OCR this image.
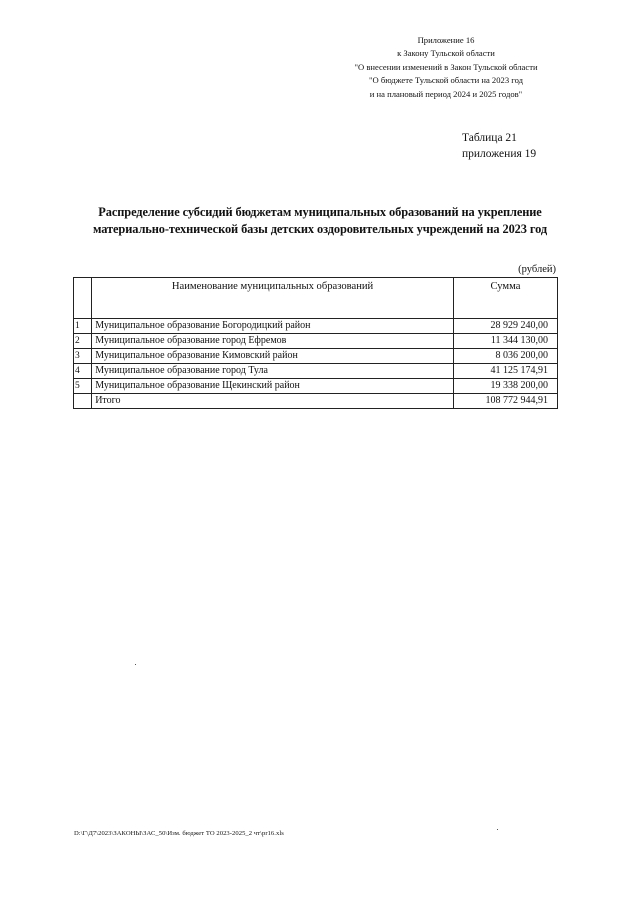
Приложение 16
к Закону Тульской области
"О внесении изменений в Закон Тульской области
"О бюджете Тульской области на 2023 год
и на плановый период 2024 и 2025 годов"
Таблица 21
приложения 19
Распределение субсидий бюджетам муниципальных образований на укрепление
материально-технической базы детских оздоровительных учреждений на 2023 год
(рублей)
	Наименование муниципальных образований	Сумма
1	Муниципальное образование Богородицкий район	28 929 240,00
2	Муниципальное образование город Ефремов	11 344 130,00
3	Муниципальное образование Кимовский район	8 036 200,00
4	Муниципальное образование город Тула	41 125 174,91
5	Муниципальное образование Щекинский район	19 338 200,00
	Итого	108 772 944,91
D:\Г\Д7\2023\ЗАКОНЫ\ЗАС_50\Изм. бюджет ТО 2023-2025_2 чт\pr16.xls
